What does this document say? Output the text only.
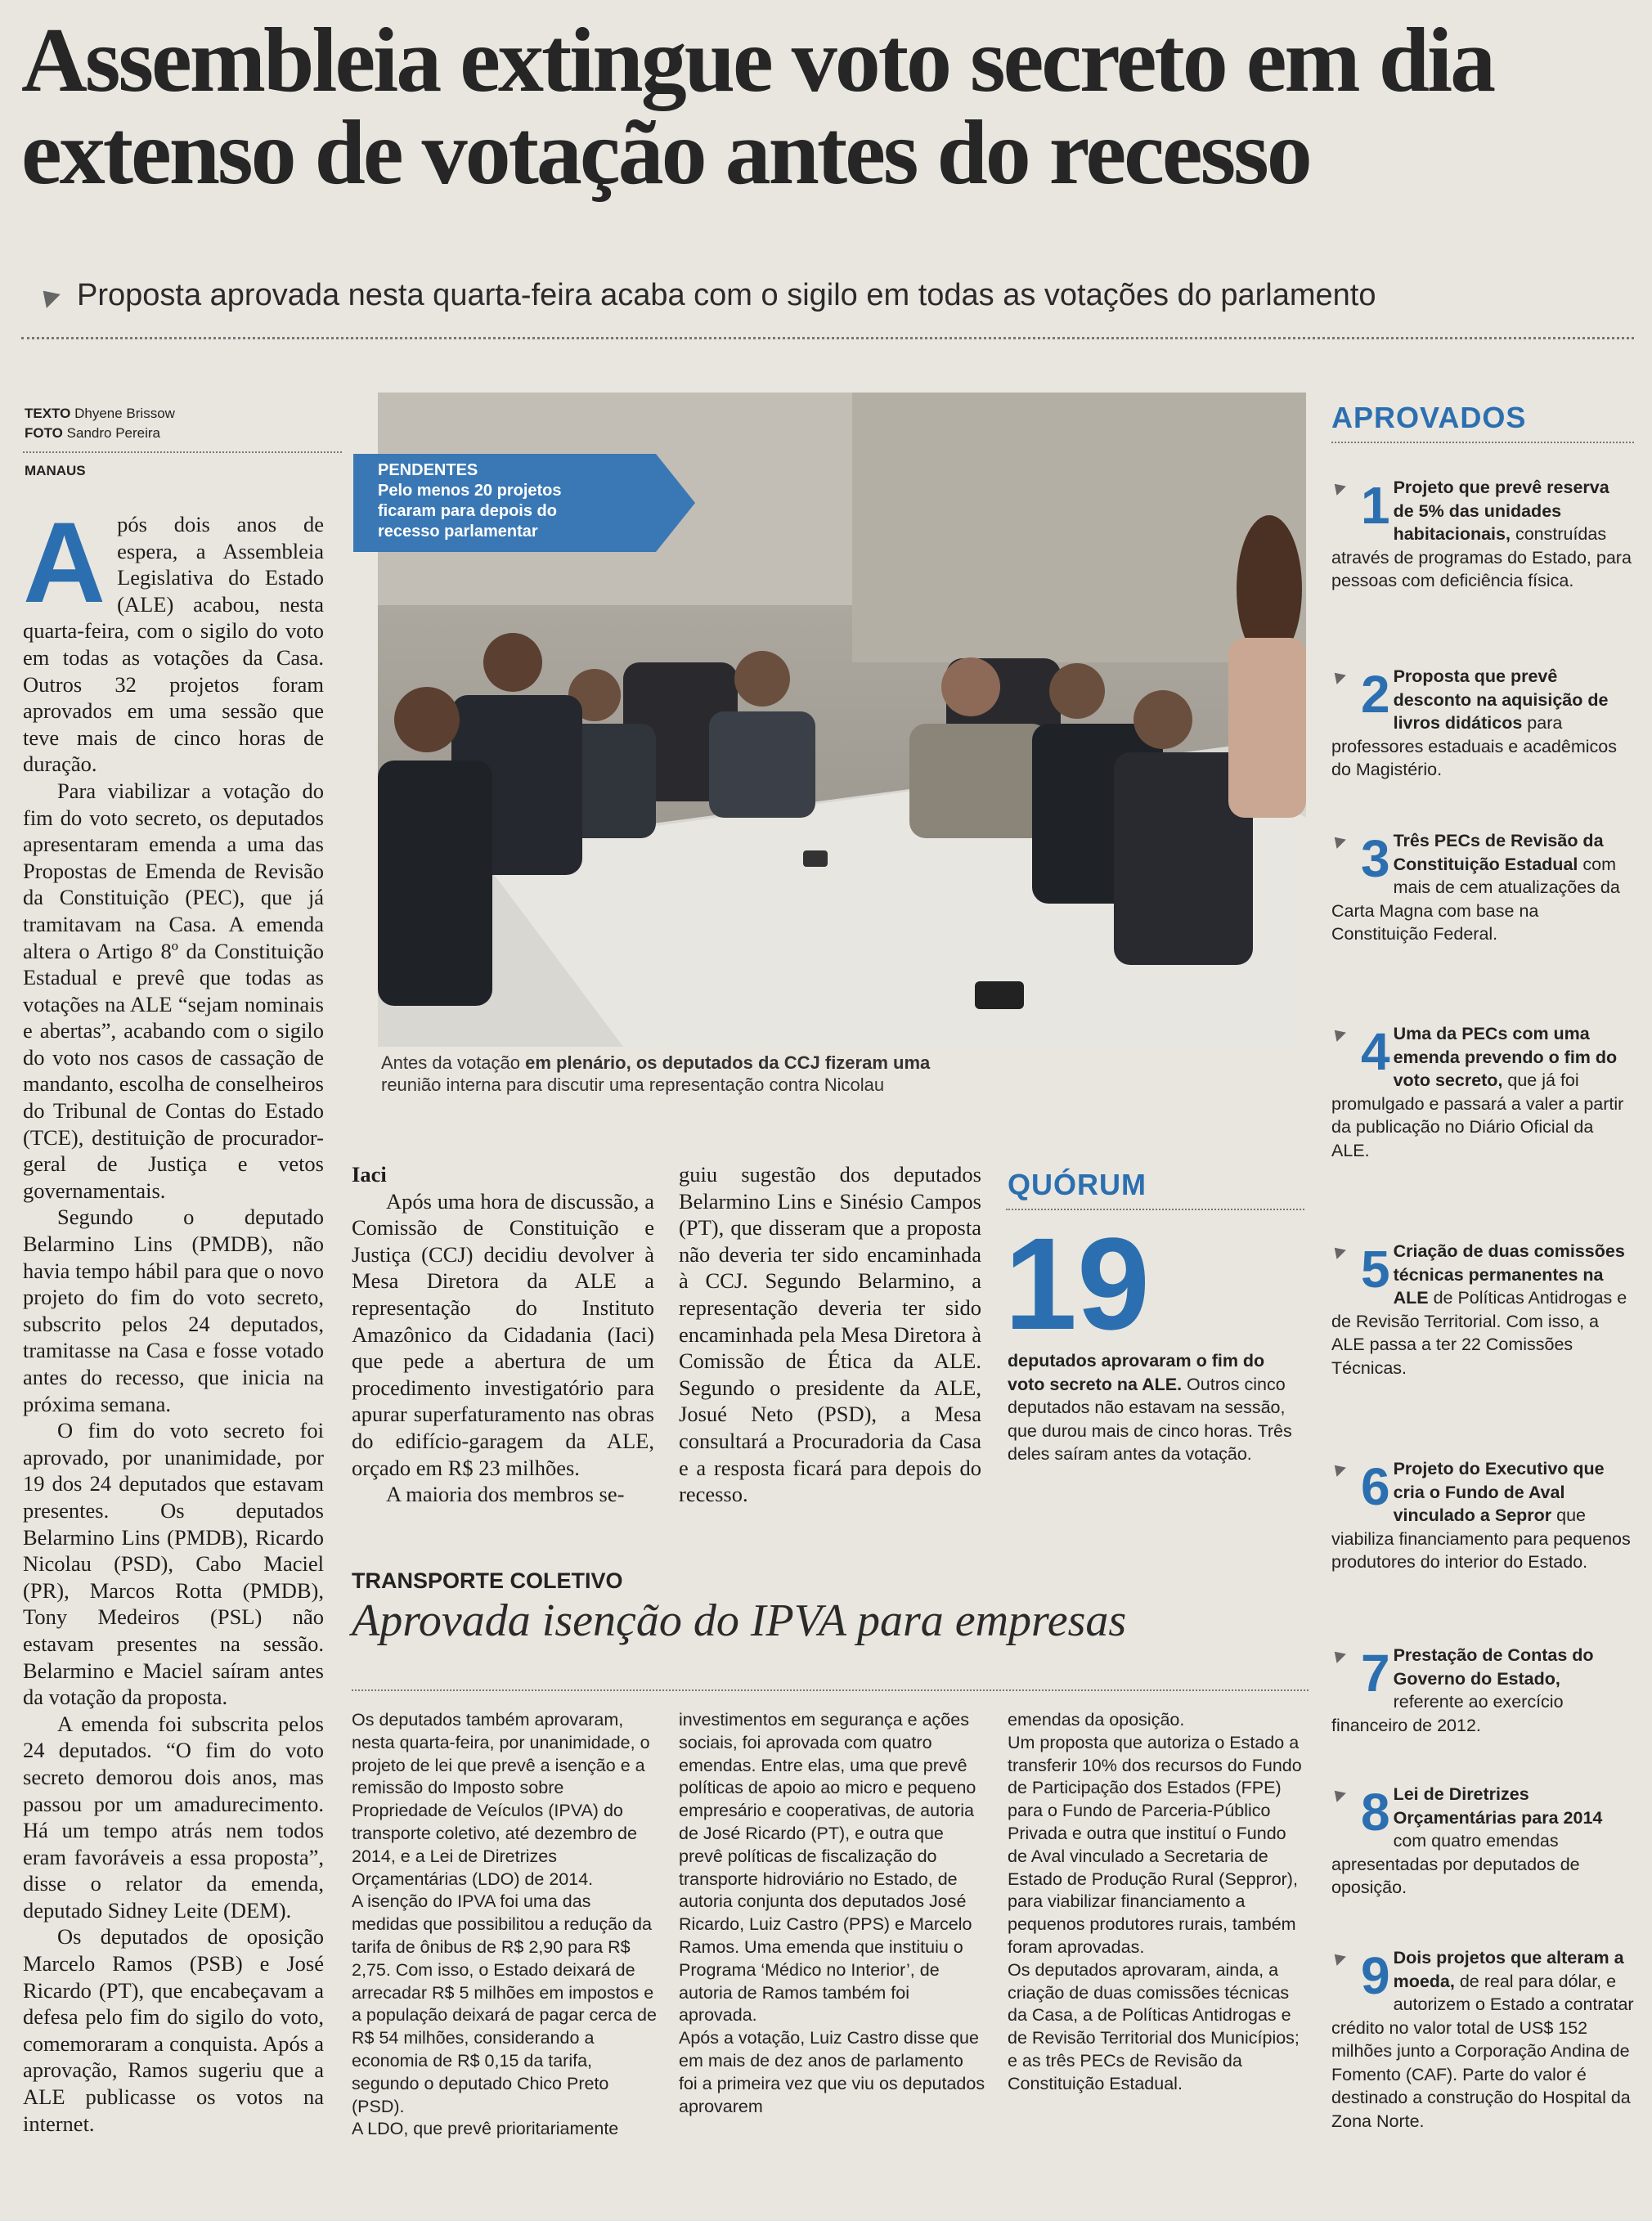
Assembleia extingue voto secreto em dia extenso de votação antes do recesso
Proposta aprovada nesta quarta-feira acaba com o sigilo em todas as votações do parlamento
TEXTO Dhyene Brissow
FOTO Sandro Pereira
MANAUS

Após dois anos de espera, a Assembleia Legislativa do Estado (ALE) acabou, nesta quarta-feira, com o sigilo do voto em todas as votações da Casa. Outros 32 projetos foram aprovados em uma sessão que teve mais de cinco horas de duração.

Para viabilizar a votação do fim do voto secreto, os deputados apresentaram emenda a uma das Propostas de Emenda de Revisão da Constituição (PEC), que já tramitavam na Casa. A emenda altera o Artigo 8º da Constituição Estadual e prevê que todas as votações na ALE “sejam nominais e abertas”, acabando com o sigilo do voto nos casos de cassação de mandanto, escolha de conselheiros do Tribunal de Contas do Estado (TCE), destituição de procurador-geral de Justiça e vetos governamentais.

Segundo o deputado Belarmino Lins (PMDB), não havia tempo hábil para que o novo projeto do fim do voto secreto, subscrito pelos 24 deputados, tramitasse na Casa e fosse votado antes do recesso, que inicia na próxima semana.

O fim do voto secreto foi aprovado, por unanimidade, por 19 dos 24 deputados que estavam presentes. Os deputados Belarmino Lins (PMDB), Ricardo Nicolau (PSD), Cabo Maciel (PR), Marcos Rotta (PMDB), Tony Medeiros (PSL) não estavam presentes na sessão. Belarmino e Maciel saíram antes da votação da proposta.

A emenda foi subscrita pelos 24 deputados. “O fim do voto secreto demorou dois anos, mas passou por um amadurecimento. Há um tempo atrás nem todos eram favoráveis a essa proposta”, disse o relator da emenda, deputado Sidney Leite (DEM).

Os deputados de oposição Marcelo Ramos (PSB) e José Ricardo (PT), que encabeçavam a defesa pelo fim do sigilo do voto, comemoraram a conquista. Após a aprovação, Ramos sugeriu que a ALE publicasse os votos na internet.

PENDENTES
Pelo menos 20 projetos ficaram para depois do recesso parlamentar
Antes da votação em plenário, os deputados da CCJ fizeram uma
reunião interna para discutir uma representação contra Nicolau

Iaci

Após uma hora de discussão, a Comissão de Constituição e Justiça (CCJ) decidiu devolver à Mesa Diretora da ALE a representação do Instituto Amazônico da Cidadania (Iaci) que pede a abertura de um procedimento investigatório para apurar superfaturamento nas obras do edifício-garagem da ALE, orçado em R$ 23 milhões.

A maioria dos membros se-

guiu sugestão dos deputados Belarmino Lins e Sinésio Campos (PT), que disseram que a proposta não deveria ter sido encaminhada à CCJ. Segundo Belarmino, a representação deveria ter sido encaminhada pela Mesa Diretora à Comissão de Ética da ALE. Segundo o presidente da ALE, Josué Neto (PSD), a Mesa consultará a Procuradoria da Casa e a resposta ficará para depois do recesso.

QUÓRUM
19
deputados aprovaram o fim do voto secreto na ALE. Outros cinco deputados não estavam na sessão, que durou mais de cinco horas. Três deles saíram antes da votação.
APROVADOS
1 Projeto que prevê reserva de 5% das unidades habitacionais, construídas através de programas do Estado, para pessoas com deficiência física.
2 Proposta que prevê desconto na aquisição de livros didáticos para professores estaduais e acadêmicos do Magistério.
3 Três PECs de Revisão da Constituição Estadual com mais de cem atualizações da Carta Magna com base na Constituição Federal.
4 Uma da PECs com uma emenda prevendo o fim do voto secreto, que já foi promulgado e passará a valer a partir da publicação no Diário Oficial da ALE.
5 Criação de duas comissões técnicas permanentes na ALE de Políticas Antidrogas e de Revisão Territorial. Com isso, a ALE passa a ter 22 Comissões Técnicas.
6 Projeto do Executivo que cria o Fundo de Aval vinculado a Sepror que viabiliza financiamento para pequenos produtores do interior do Estado.
7 Prestação de Contas do Governo do Estado, referente ao exercício financeiro de 2012.
8 Lei de Diretrizes Orçamentárias para 2014 com quatro emendas apresentadas por deputados de oposição.
9 Dois projetos que alteram a moeda, de real para dólar, e autorizem o Estado a contratar crédito no valor total de US$ 152 milhões junto a Corporação Andina de Fomento (CAF). Parte do valor é destinado a construção do Hospital da Zona Norte.
TRANSPORTE COLETIVO
Aprovada isenção do IPVA para empresas

Os deputados também aprovaram, nesta quarta-feira, por unanimidade, o projeto de lei que prevê a isenção e a remissão do Imposto sobre Propriedade de Veículos (IPVA) do transporte coletivo, até dezembro de 2014, e a Lei de Diretrizes Orçamentárias (LDO) de 2014.

A isenção do IPVA foi uma das medidas que possibilitou a redução da tarifa de ônibus de R$ 2,90 para R$ 2,75. Com isso, o Estado deixará de arrecadar R$ 5 milhões em impostos e a população deixará de pagar cerca de R$ 54 milhões, considerando a economia de R$ 0,15 da tarifa, segundo o deputado Chico Preto (PSD).

A LDO, que prevê prioritariamente

investimentos em segurança e ações sociais, foi aprovada com quatro emendas. Entre elas, uma que prevê políticas de apoio ao micro e pequeno empresário e cooperativas, de autoria de José Ricardo (PT), e outra que prevê políticas de fiscalização do transporte hidroviário no Estado, de autoria conjunta dos deputados José Ricardo, Luiz Castro (PPS) e Marcelo Ramos. Uma emenda que instituiu o Programa ‘Médico no Interior’, de autoria de Ramos também foi aprovada.

Após a votação, Luiz Castro disse que em mais de dez anos de parlamento foi a primeira vez que viu os deputados aprovarem

emendas da oposição.

Um proposta que autoriza o Estado a transferir 10% dos recursos do Fundo de Participação dos Estados (FPE) para o Fundo de Parceria-Público Privada e outra que instituí o Fundo de Aval vinculado a Secretaria de Estado de Produção Rural (Seppror), para viabilizar financiamento a pequenos produtores rurais, também foram aprovadas.

Os deputados aprovaram, ainda, a criação de duas comissões técnicas da Casa, a de Políticas Antidrogas e de Revisão Territorial dos Municípios; e as três PECs de Revisão da Constituição Estadual.
